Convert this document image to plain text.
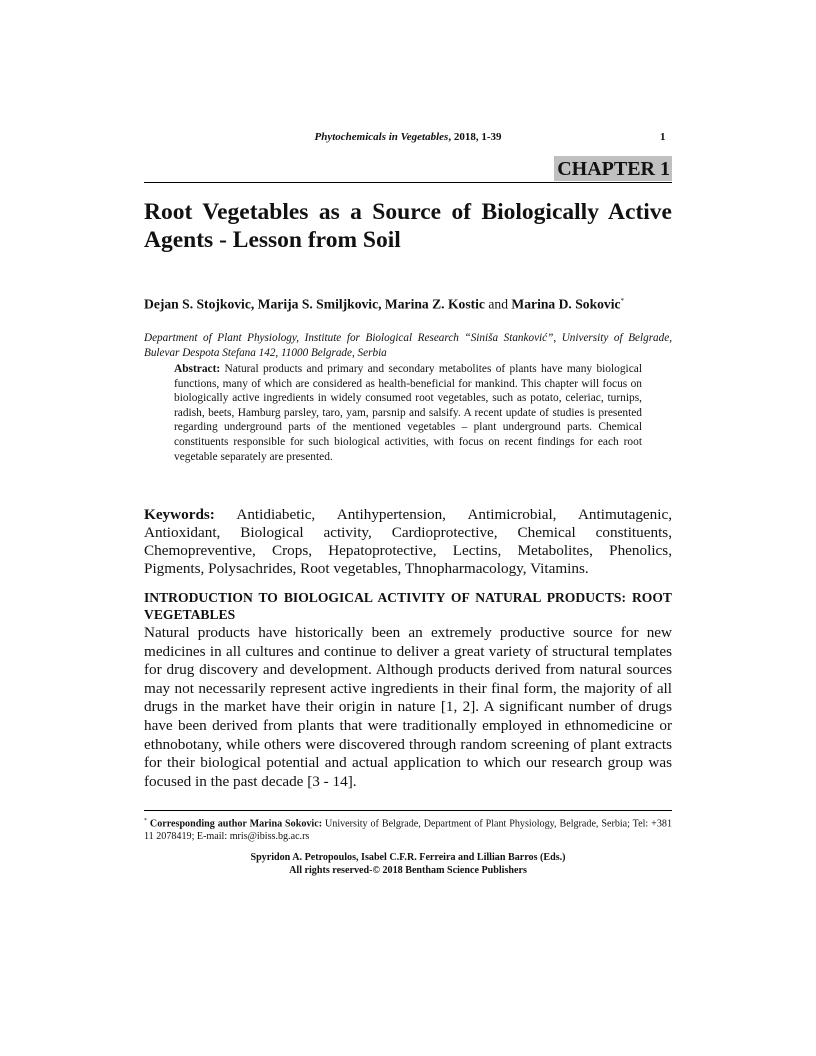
Phytochemicals in Vegetables, 2018, 1-39	1
CHAPTER 1
Root Vegetables as a Source of Biologically Active Agents - Lesson from Soil
Dejan S. Stojkovic, Marija S. Smiljkovic, Marina Z. Kostic and Marina D. Sokovic*
Department of Plant Physiology, Institute for Biological Research “Siniša Stanković”, University of Belgrade, Bulevar Despota Stefana 142, 11000 Belgrade, Serbia
Abstract: Natural products and primary and secondary metabolites of plants have many biological functions, many of which are considered as health-beneficial for mankind. This chapter will focus on biologically active ingredients in widely consumed root vegetables, such as potato, celeriac, turnips, radish, beets, Hamburg parsley, taro, yam, parsnip and salsify. A recent update of studies is presented regarding underground parts of the mentioned vegetables – plant underground parts. Chemical constituents responsible for such biological activities, with focus on recent findings for each root vegetable separately are presented.
Keywords: Antidiabetic, Antihypertension, Antimicrobial, Antimutagenic, Antioxidant, Biological activity, Cardioprotective, Chemical constituents, Chemopreventive, Crops, Hepatoprotective, Lectins, Metabolites, Phenolics, Pigments, Polysachrides, Root vegetables, Thnopharmacology, Vitamins.
INTRODUCTION TO BIOLOGICAL ACTIVITY OF NATURAL PRODUCTS: ROOT VEGETABLES
Natural products have historically been an extremely productive source for new medicines in all cultures and continue to deliver a great variety of structural templates for drug discovery and development. Although products derived from natural sources may not necessarily represent active ingredients in their final form, the majority of all drugs in the market have their origin in nature [1, 2]. A significant number of drugs have been derived from plants that were traditionally employed in ethnomedicine or ethnobotany, while others were discovered through random screening of plant extracts for their biological potential and actual application to which our research group was focused in the past decade [3 - 14].
* Corresponding author Marina Sokovic: University of Belgrade, Department of Plant Physiology, Belgrade, Serbia; Tel: +381 11 2078419; E-mail: mris@ibiss.bg.ac.rs
Spyridon A. Petropoulos, Isabel C.F.R. Ferreira and Lillian Barros (Eds.)
All rights reserved-© 2018 Bentham Science Publishers
